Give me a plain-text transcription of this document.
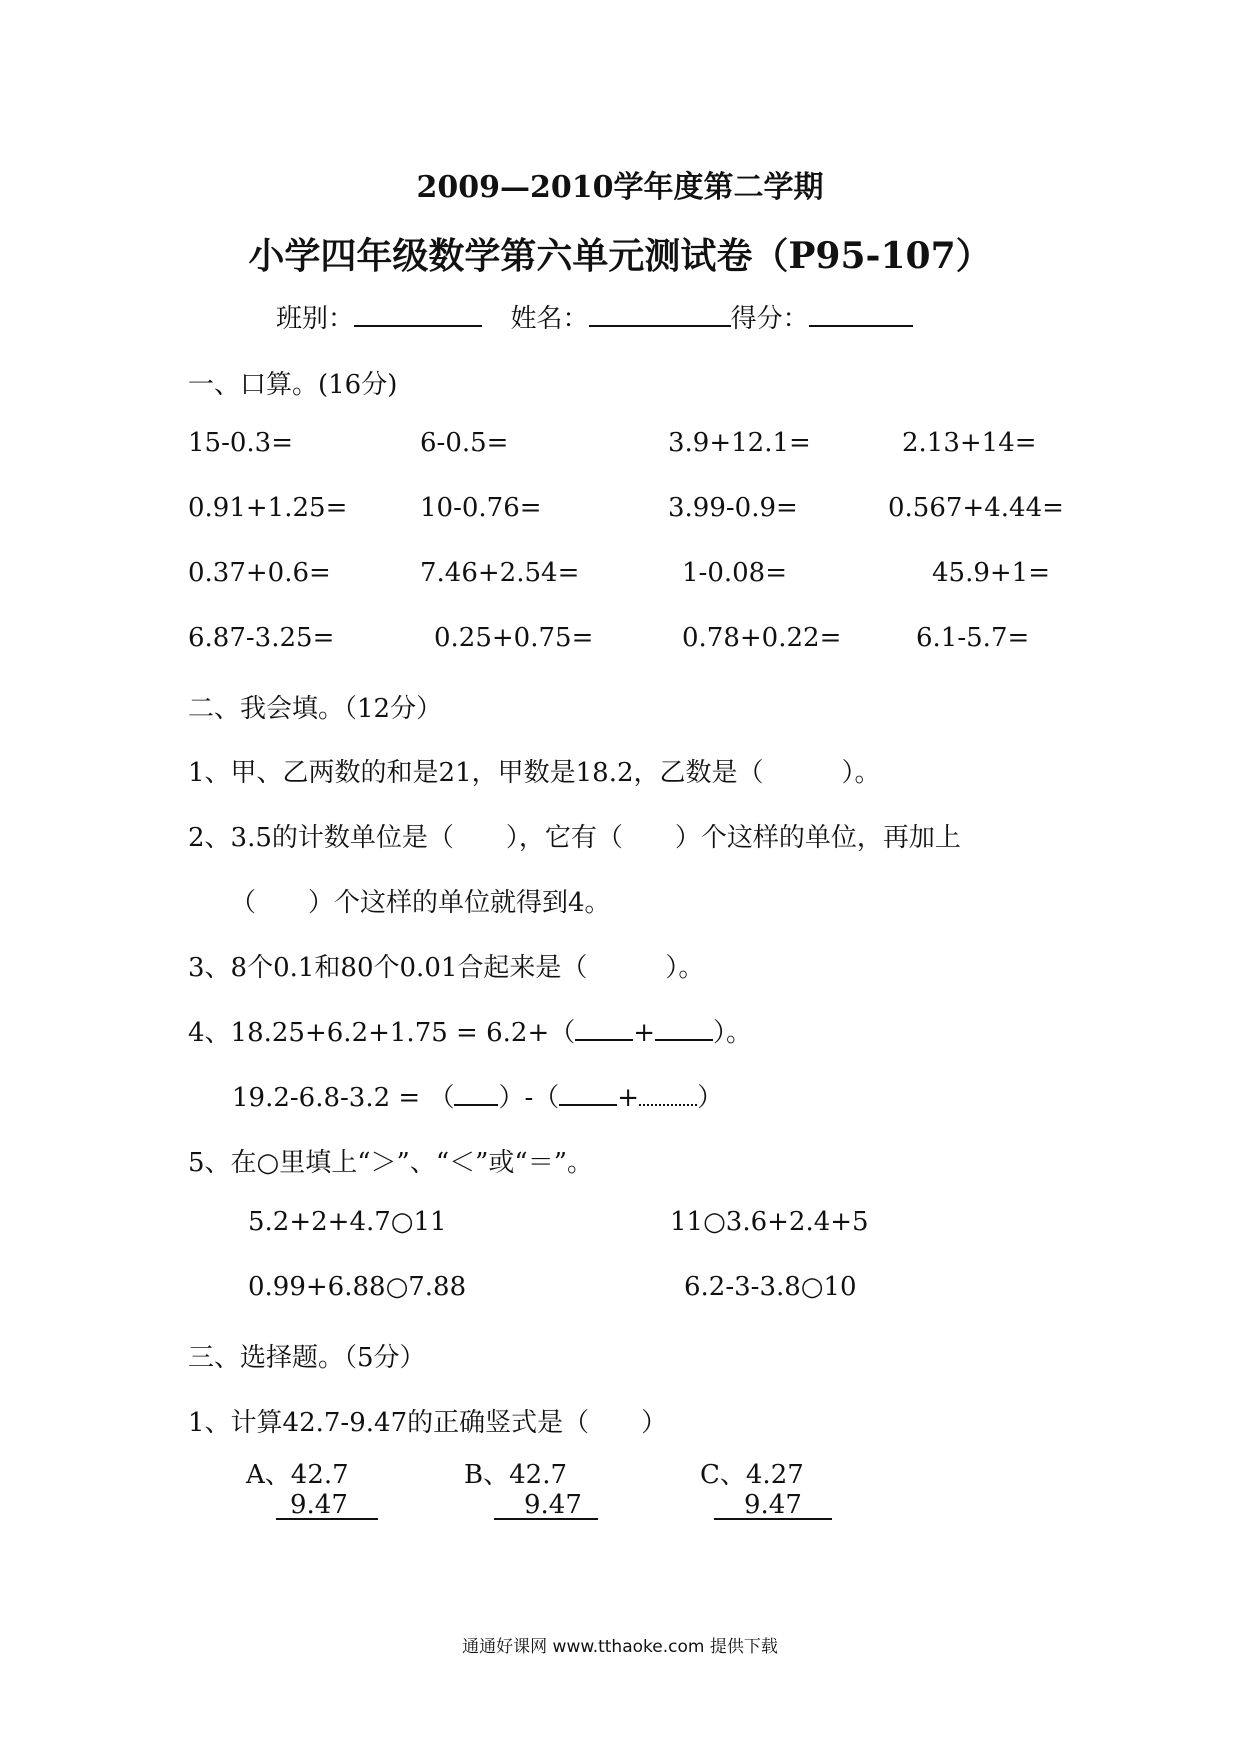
2009—2010学年度第二学期
小学四年级数学第六单元测试卷（P95-107）
班别：	姓名：	得分：
一、口算。(16分)
15-0.3=	6-0.5=	3.9+12.1=	2.13+14=
0.91+1.25=	10-0.76=	3.99-0.9=	0.567+4.44=
0.37+0.6=	7.46+2.54=	1-0.08=	45.9+1=
6.87-3.25=	0.25+0.75=	0.78+0.22=	6.1-5.7=
二、我会填。（12分）
1、甲、乙两数的和是21，甲数是18.2，乙数是（　　　）。
2、3.5的计数单位是（　　），它有（　　）个这样的单位，再加上
（　　）个这样的单位就得到4。
3、8个0.1和80个0.01合起来是（　　　）。
4、18.25+6.2+1.75 = 6.2+（ + ）。
19.2-6.8-3.2 = （ ）-（ + ）
5、在○里填上“＞”、“＜”或“＝”。
5.2+2+4.7○11	11○3.6+2.4+5
0.99+6.88○7.88	6.2-3-3.8○10
三、选择题。（5分）
1、计算42.7-9.47的正确竖式是（　　）
A、42.7
9.47
B、42.7
9.47
C、4.27
9.47
通通好课网 www.tthaoke.com 提供下载
